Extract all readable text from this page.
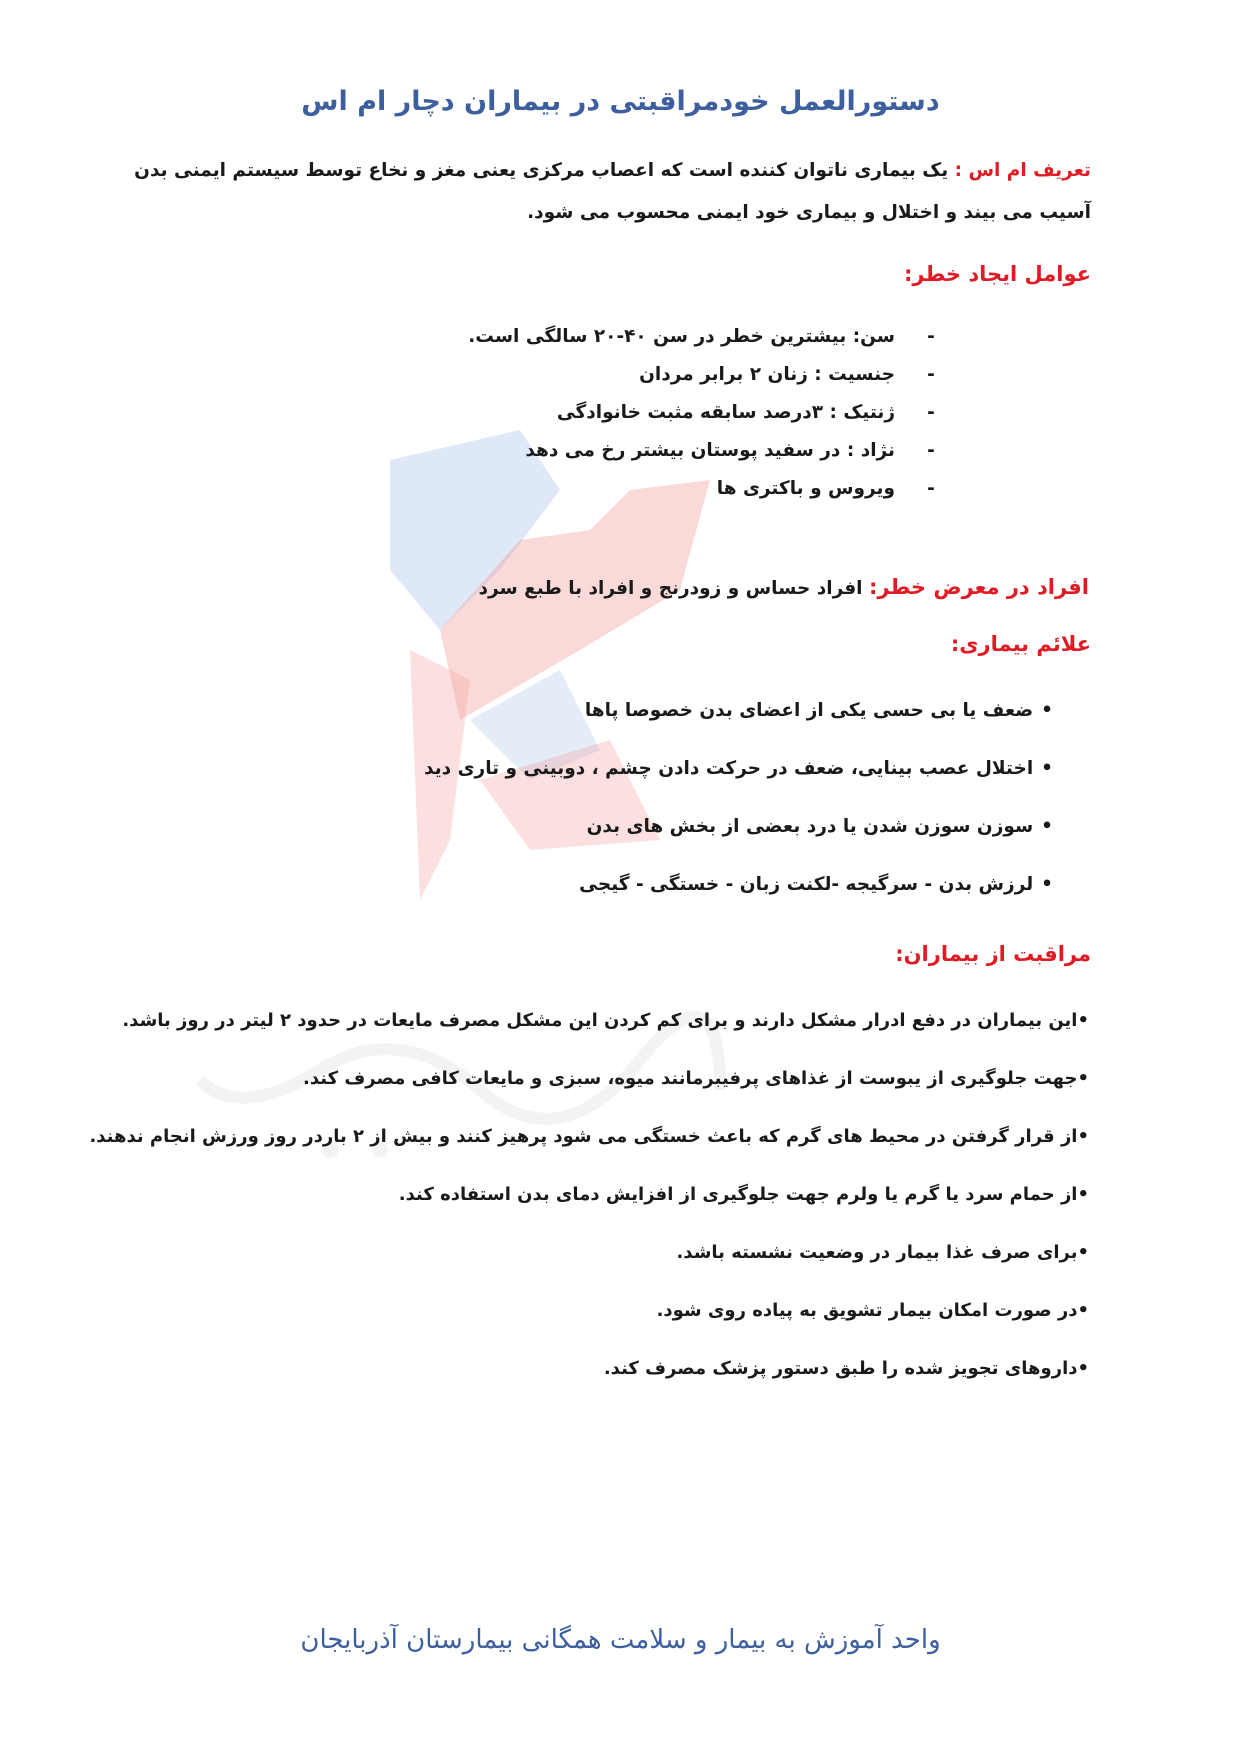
دستورالعمل خودمراقبتی در بیماران دچار ام اس
تعریف ام اس : یک بیماری ناتوان کننده است که اعصاب مرکزی یعنی مغز و نخاع توسط سیستم ایمنی بدن
آسیب می بیند و اختلال و بیماری خود ایمنی محسوب می شود.
عوامل ایجاد خطر:
-
سن: بیشترین خطر در سن ۴۰-۲۰ سالگی است.
-
جنسیت : زنان ۲ برابر مردان
-
ژنتیک : ۳درصد سابقه مثبت خانوادگی
-
نژاد : در سفید پوستان بیشتر رخ می دهد
-
ویروس و باکتری ها
افراد در معرض خطر: افراد حساس و زودرنج و افراد با طبع سرد
علائم بیماری:
•ضعف یا بی حسی یکی از اعضای بدن خصوصا پاها
•اختلال عصب بینایی، ضعف در حرکت دادن چشم ، دوبینی و تاری دید
•سوزن سوزن شدن یا درد بعضی از بخش های بدن
•لرزش بدن - سرگیجه -لکنت زبان - خستگی - گیجی
مراقبت از بیماران:
•این بیماران در دفع ادرار مشکل دارند و برای کم کردن این مشکل مصرف مایعات در حدود ۲ لیتر در روز باشد.
•جهت جلوگیری از یبوست از غذاهای پرفیبرمانند میوه، سبزی و مایعات کافی مصرف کند.
•از قرار گرفتن در محیط های گرم که باعث خستگی می شود پرهیز کنند و بیش از ۲ باردر روز ورزش انجام ندهند.
•از حمام سرد یا گرم یا ولرم جهت جلوگیری از افزایش دمای بدن استفاده کند.
•برای صرف غذا بیمار در وضعیت نشسته باشد.
•در صورت امکان بیمار تشویق به پیاده روی شود.
•داروهای تجویز شده را طبق دستور پزشک مصرف کند.
واحد آموزش به بیمار و سلامت همگانی بیمارستان آذربایجان
